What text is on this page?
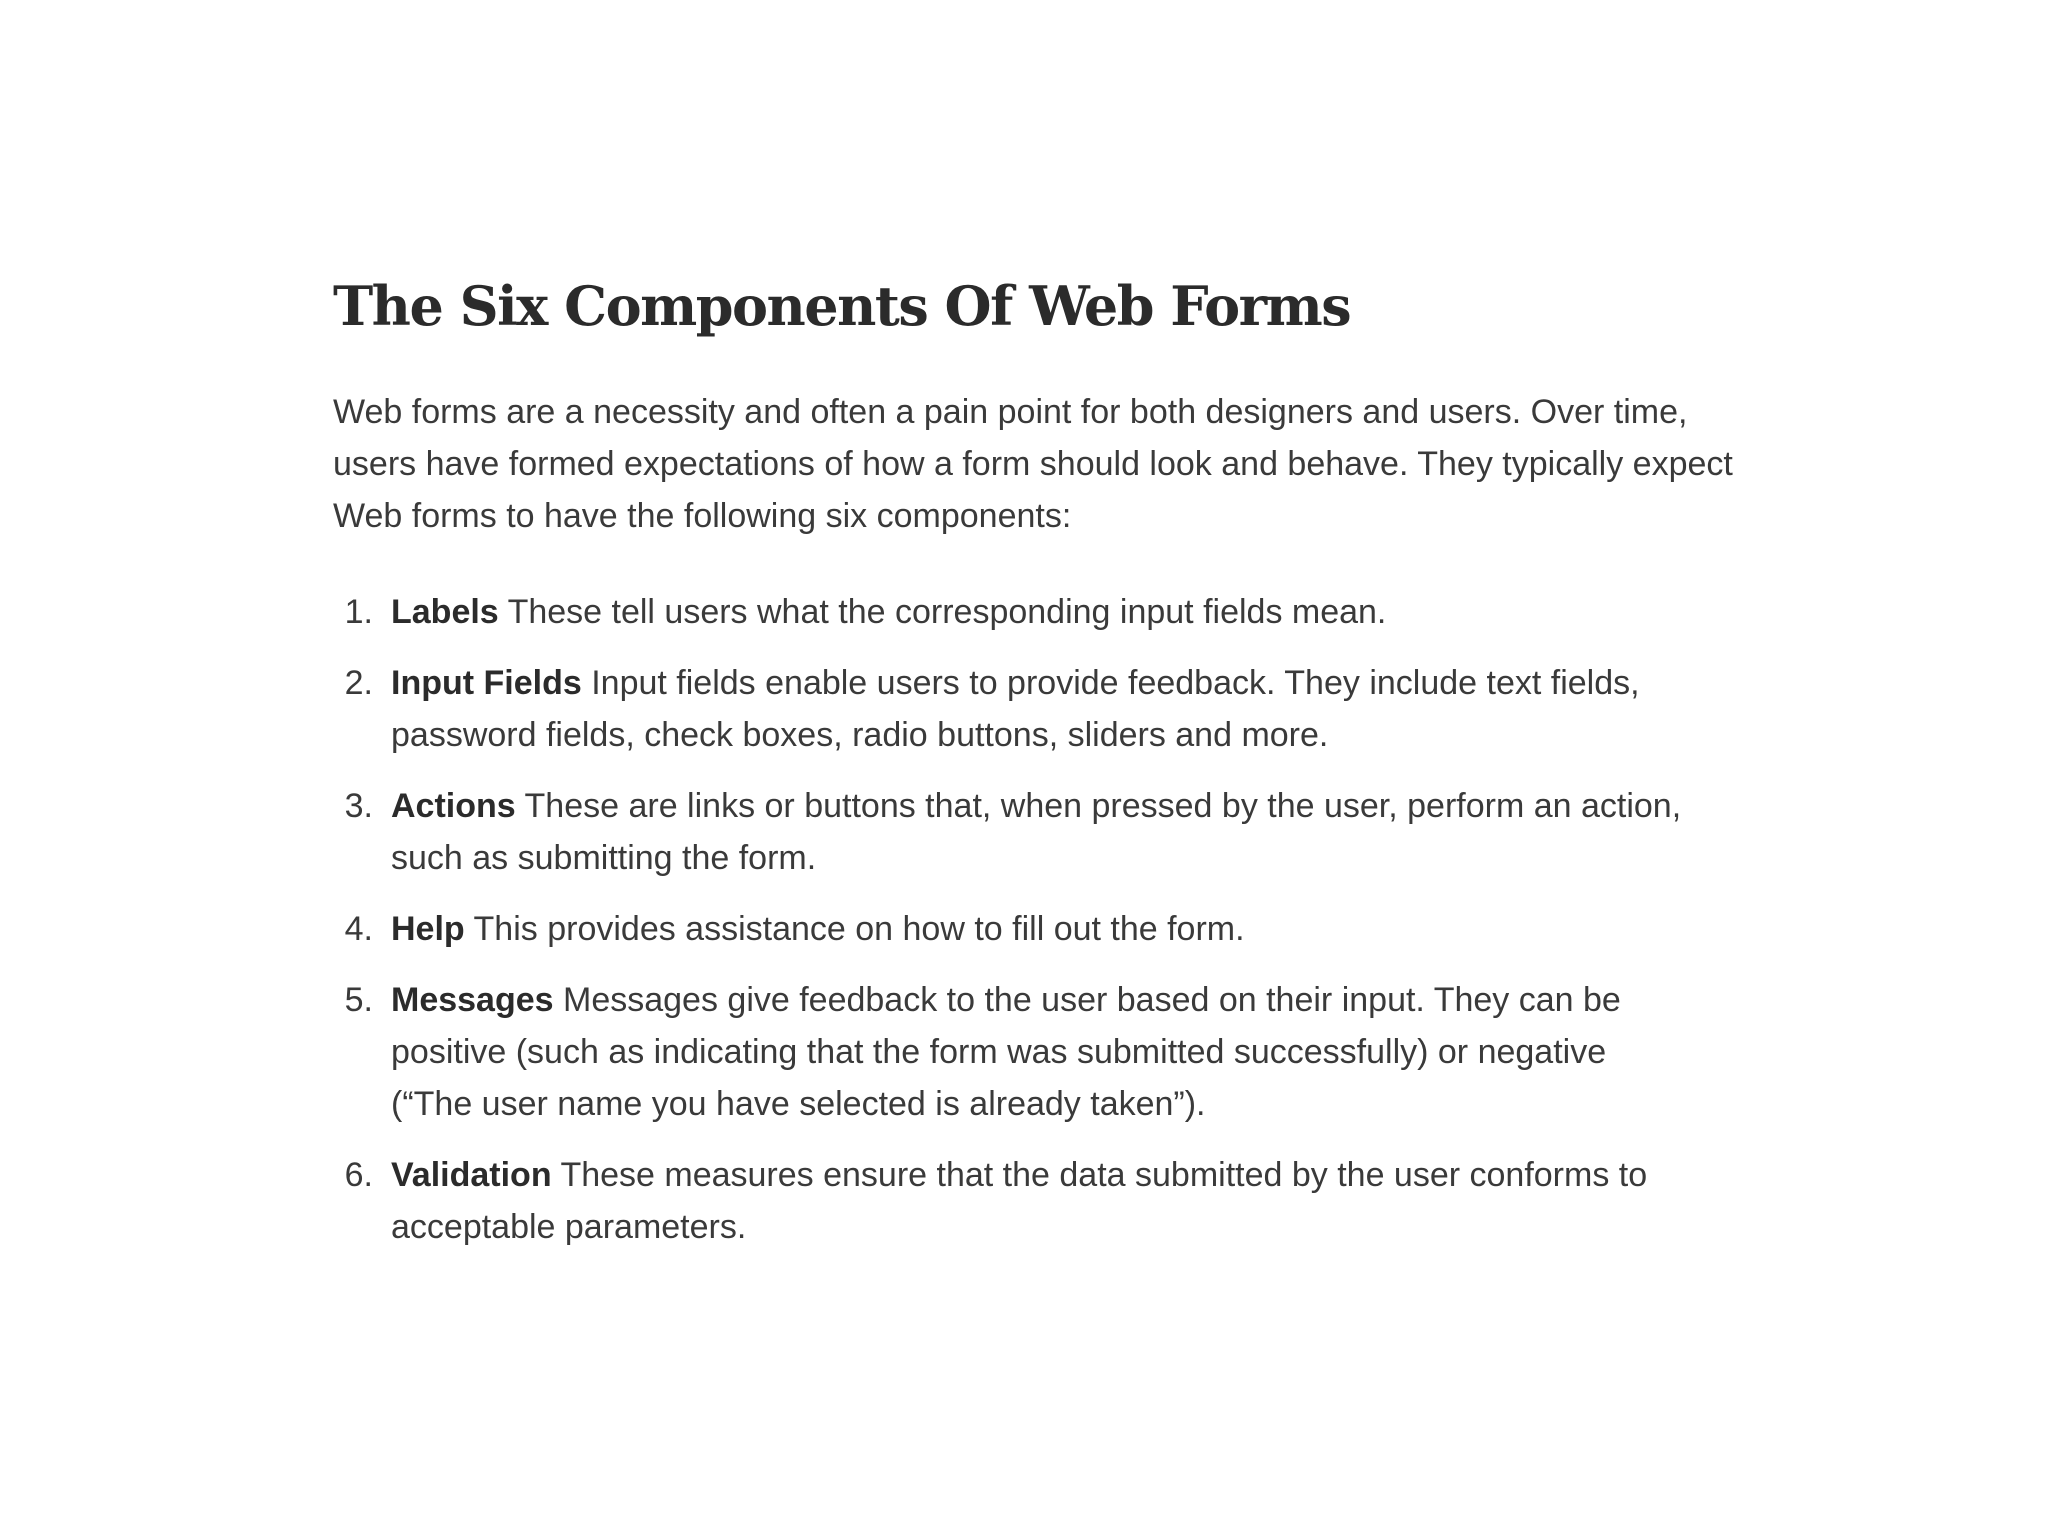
The Six Components Of Web Forms

Web forms are a necessity and often a pain point for both designers and users. Over time, users have formed expectations of how a form should look and behave. They typically expect Web forms to have the following six components:

1. Labels These tell users what the corresponding input fields mean.
2. Input Fields Input fields enable users to provide feedback. They include text fields, password fields, check boxes, radio buttons, sliders and more.
3. Actions These are links or buttons that, when pressed by the user, perform an action, such as submitting the form.
4. Help This provides assistance on how to fill out the form.
5. Messages Messages give feedback to the user based on their input. They can be positive (such as indicating that the form was submitted successfully) or negative (“The user name you have selected is already taken”).
6. Validation These measures ensure that the data submitted by the user conforms to acceptable parameters.
